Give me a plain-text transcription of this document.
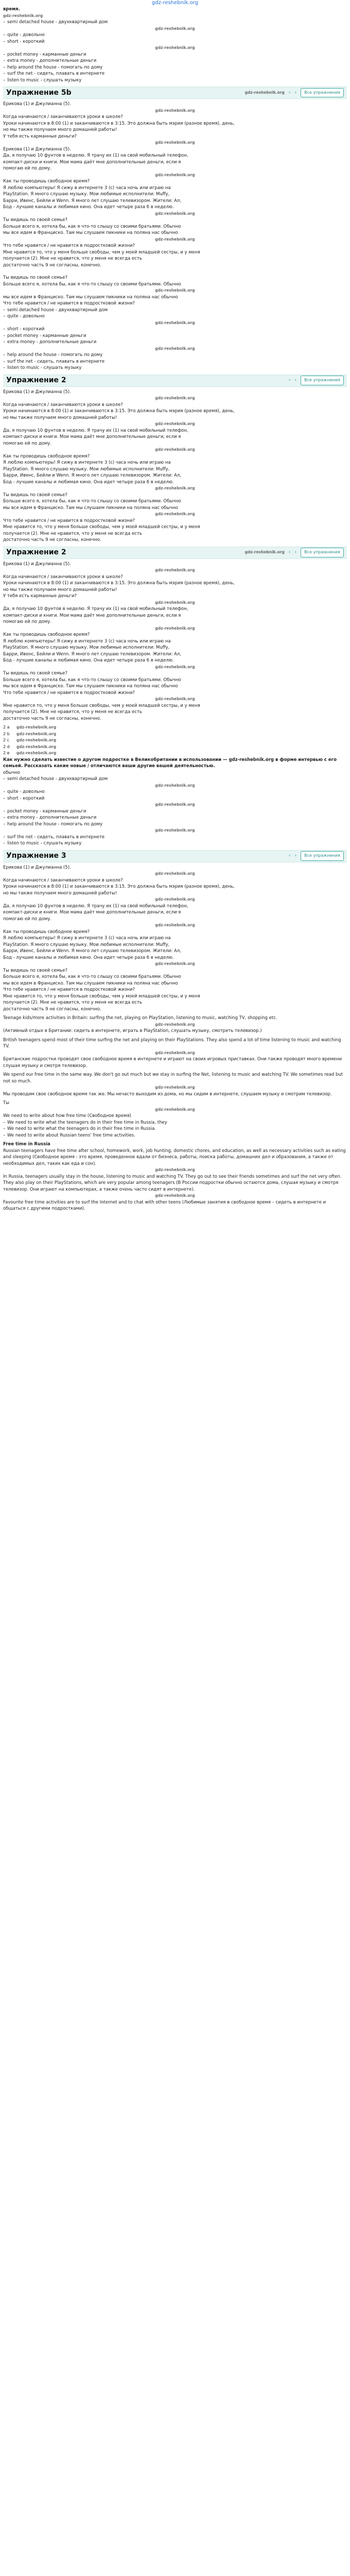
gdz-reshebnik.org
время.
gdz-reshebnik.org
– semi detached house - двухквартирный дом
gdz-reshebnik.org
– quite - довольно
– short - короткий
gdz-reshebnik.org
– pocket money - карманные деньги
– extra money - дополнительные деньги
– help around the house - помогать по дому
– surf the net - сидеть, плавать в интернете
– listen to music - слушать музыку
Упражнение 5b	gdz-reshebnik.org ‹ ›	Все упражнения
Ерикова (1) и Джулианна (5).
gdz-reshebnik.org
Когда начинаются / заканчиваются уроки в школе?
Уроки начинаются в 8:00 (1) и заканчиваются в 3:15. Это должна быть мэрия (разное время), день,
но мы также получаем много домашней работы!
У тебя есть карманные деньги?
gdz-reshebnik.org
Ерикова (1) и Джулианна (5).
Да, я получаю 10 фунтов в неделю. Я трачу их (1) на свой мобильный телефон,
компакт-диски и книги. Мои мама даёт мне дополнительные деньги, если я
помогаю ей по дому.
gdz-reshebnik.org
Как ты проводишь свободное время?
Я люблю компьютеры! Я сижу в интернете 3 (с) часа ночь или играю на
PlayStation. Я много слушаю музыку. Мои любимые исполнители: Muffy,
Барри, Ивенс, Бейли и Wenn. Я много лет слушаю телевизором. Жители: Ал,
Бод - лучшие каналы и любимая кино. Она идет четыре раза 6 в неделю.
gdz-reshebnik.org
Ты видишь по своей семье?
Больше всего я, хотела бы, как я что-то слышу со своими братьями. Обычно
мы все идем в Франциско. Там мы слушаем пикники на поляна нас обычно
gdz-reshebnik.org
Что тебе нравится / не нравится в подростковой жизни?
Мне нравится то, что у меня больше свободы, чем у моей младшей сестры, и у меня
получается (2). Мне не нравится, что у меня не всегда есть
достаточно часть 9 не согласны, конечно.
Ты видишь по своей семье?
Больше всего я, хотела бы, как я что-то слышу со своими братьями. Обычно
gdz-reshebnik.org
мы все идем в Франциско. Там мы слушаем пикники на поляна нас обычно
Что тебе нравится / не нравится в подростковой жизни?
– semi detached house - двухквартирный дом
– quite - довольно
gdz-reshebnik.org
– short - короткий
– pocket money - карманные деньги
– extra money - дополнительные деньги
gdz-reshebnik.org
– help around the house - помогать по дому
– surf the net - сидеть, плавать в интернете
– listen to music - слушать музыку
Упражнение 2	‹ ›	Все упражнения
Ерикова (1) и Джулианна (5).
gdz-reshebnik.org
Когда начинаются / заканчиваются уроки в школе?
Уроки начинаются в 8:00 (1) и заканчиваются в 3:15. Это должна быть мэрия (разное время), день,
но мы также получаем много домашней работы!
gdz-reshebnik.org
Да, я получаю 10 фунтов в неделю. Я трачу их (1) на свой мобильный телефон,
компакт-диски и книги. Мои мама даёт мне дополнительные деньги, если я
помогаю ей по дому.
gdz-reshebnik.org
Как ты проводишь свободное время?
Я люблю компьютеры! Я сижу в интернете 3 (с) часа ночь или играю на
PlayStation. Я много слушаю музыку. Мои любимые исполнители: Muffy,
Барри, Ивенс, Бейли и Wenn. Я много лет слушаю телевизором. Жители: Ал,
Бод - лучшие каналы и любимая кино. Она идет четыре раза 6 в неделю.
gdz-reshebnik.org
Ты видишь по своей семье?
Больше всего я, хотела бы, как я что-то слышу со своими братьями. Обычно
мы все идем в Франциско. Там мы слушаем пикники на поляна нас обычно
gdz-reshebnik.org
Что тебе нравится / не нравится в подростковой жизни?
Мне нравится то, что у меня больше свободы, чем у моей младшей сестры, и у меня
получается (2). Мне не нравится, что у меня не всегда есть
достаточно часть 9 не согласны, конечно.
Упражнение 2	gdz-reshebnik.org ‹ ›	Все упражнения
Ерикова (1) и Джулианна (5).
gdz-reshebnik.org
Когда начинаются / заканчиваются уроки в школе?
Уроки начинаются в 8:00 (1) и заканчиваются в 3:15. Это должна быть мэрия (разное время), день,
но мы также получаем много домашней работы!
У тебя есть карманные деньги?
gdz-reshebnik.org
Да, я получаю 10 фунтов в неделю. Я трачу их (1) на свой мобильный телефон,
компакт-диски и книги. Мои мама даёт мне дополнительные деньги, если я
помогаю ей по дому.
gdz-reshebnik.org
Как ты проводишь свободное время?
Я люблю компьютеры! Я сижу в интернете 3 (с) часа ночь или играю на
PlayStation. Я много слушаю музыку. Мои любимые исполнители: Muffy,
Барри, Ивенс, Бейли и Wenn. Я много лет слушаю телевизором. Жители: Ал,
Бод - лучшие каналы и любимая кино. Она идет четыре раза 6 в неделю.
gdz-reshebnik.org
Ты видишь по своей семье?
Больше всего я, хотела бы, как я что-то слышу со своими братьями. Обычно
мы все идем в Франциско. Там мы слушаем пикники на поляна нас обычно
Что тебе нравится / не нравится в подростковой жизни?
gdz-reshebnik.org
Мне нравится то, что у меня больше свободы, чем у моей младшей сестры, и у меня
получается (2). Мне не нравится, что у меня не всегда есть
достаточно часть 9 не согласны, конечно.
2 a	gdz-reshebnik.org
2 b	gdz-reshebnik.org
2 c	gdz-reshebnik.org
2 d	gdz-reshebnik.org
2 e	gdz-reshebnik.org
Как нужно сделать известие о другом подростке в Великобритании в использовании — gdz-reshebnik.org в форме интервью с его семьей. Рассказать какие новые / отличаются ваши другие вашей деятельностью.
обычно
– semi detached house - двухквартирный дом
gdz-reshebnik.org
– quite - довольно
– short - короткий
gdz-reshebnik.org
– pocket money - карманные деньги
– extra money - дополнительные деньги
– help around the house - помогать по дому
gdz-reshebnik.org
– surf the net - сидеть, плавать в интернете
– listen to music - слушать музыку
Упражнение 3	‹ ›	Все упражнения
Ерикова (1) и Джулианна (5).
gdz-reshebnik.org
Когда начинаются / заканчиваются уроки в школе?
Уроки начинаются в 8:00 (1) и заканчиваются в 3:15. Это должна быть мэрия (разное время), день,
но мы также получаем много домашней работы!
gdz-reshebnik.org
Да, я получаю 10 фунтов в неделю. Я трачу их (1) на свой мобильный телефон,
компакт-диски и книги. Мои мама даёт мне дополнительные деньги, если я
помогаю ей по дому.
gdz-reshebnik.org
Как ты проводишь свободное время?
Я люблю компьютеры! Я сижу в интернете 3 (с) часа ночь или играю на
PlayStation. Я много слушаю музыку. Мои любимые исполнители: Muffy,
Барри, Ивенс, Бейли и Wenn. Я много лет слушаю телевизором. Жители: Ал,
Бод - лучшие каналы и любимая кино. Она идет четыре раза 6 в неделю.
gdz-reshebnik.org
Ты видишь по своей семье?
Больше всего я, хотела бы, как я что-то слышу со своими братьями. Обычно
мы все идем в Франциско. Там мы слушаем пикники на поляна нас обычно
Что тебе нравится / не нравится в подростковой жизни?
Мне нравится то, что у меня больше свободы, чем у моей младшей сестры, и у меня
получается (2). Мне не нравится, что у меня не всегда есть
достаточно часть 9 не согласны, конечно.
Teenage kids/more activities in Britain: surfing the net, playing on PlayStation, listening to music, watching TV, shopping etc.
gdz-reshebnik.org
(Активный отдых в Британии: сидеть в интернете, играть в PlayStation, слушать музыку, смотреть телевизор.)
British teenagers spend most of their time surfing the net and playing on their PlayStations. They also spend a lot of time listening to music and watching TV.
gdz-reshebnik.org
Британские подростки проводят свое свободное время в интернете и играют на своих игровых приставках. Они также проводят много времени слушая музыку и смотря телевизор.
We spend our free time in the same way. We don't go out much but we stay in surfing the Net, listening to music and watching TV. We sometimes read but not so much.
gdz-reshebnik.org
Мы проводим свое свободное время так же. Мы нечасто выходим из дома, но мы сидим в интернете, слушаем музыку и смотрим телевизор.
Ты
gdz-reshebnik.org
We need to write about how free time (Свободное время)
– We need to write what the teenagers do in their free time in Russia, they
– We need to write what the teenagers do in their free time in Russia.
– We need to write about Russian teens' free time activities.
Free time in Russia
Russian teenagers have free time after school, homework, work, job hunting, domestic chores, and education, as well as necessary activities such as eating and sleeping (Свободное время - это время, проведенное вдали от бизнеса, работы, поиска работы, домашних дел и образования, а также от необходимых дел, таких как еда и сон).
gdz-reshebnik.org
In Russia, teenagers usually stay in the house, listening to music and watching TV. They go out to see their friends sometimes and surf the net very often. They also play on their PlayStations, which are very popular among teenagers (В России подростки обычно остаются дома, слушая музыку и смотря телевизор. Они играют на компьютерах, а также очень часто сидят в интернете).
gdz-reshebnik.org
Favourite free time activities are to surf the Internet and to chat with other teens (Любимые занятия в свободное время – сидеть в интернете и общаться с другими подростками).
